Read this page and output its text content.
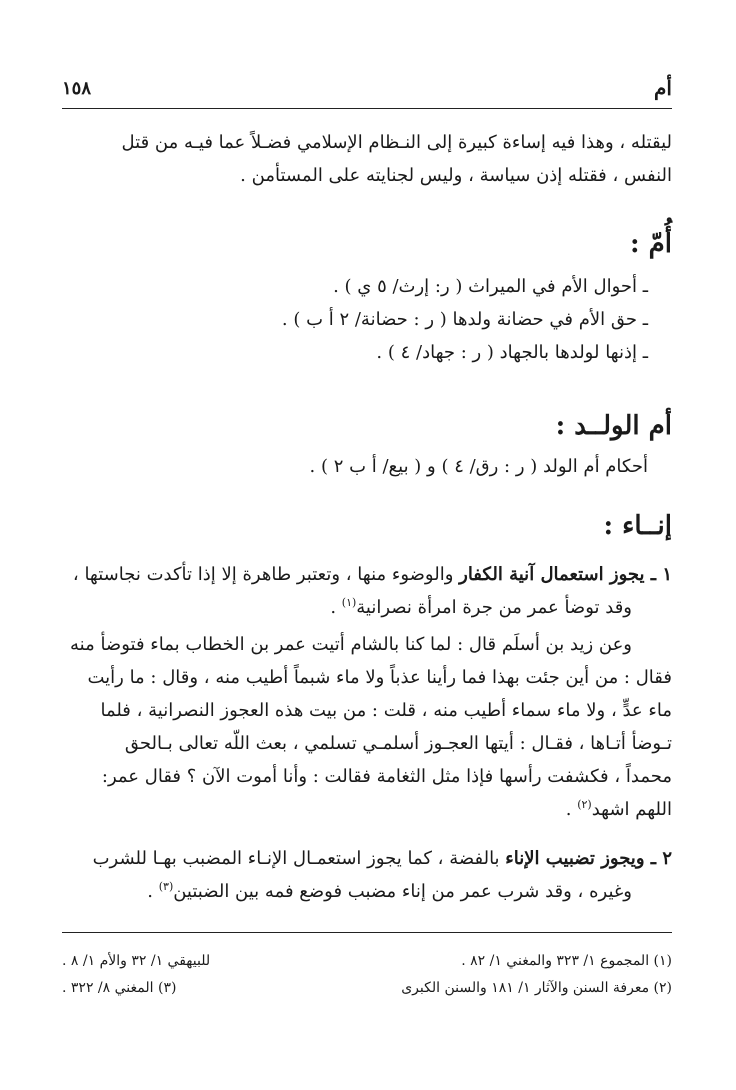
أم
١٥٨

ليقتله ، وهذا فيه إساءة كبيرة إلى النـظام الإسلامي فضـلاً عما فيـه من قتل

النفس ، فقتله إذن سياسة ، وليس لجنايته على المستأمن .

أُمّ :

ـ أحوال الأم في الميراث ( ر: إرث/ ٥ ي ) .

ـ حق الأم في حضانة ولدها ( ر : حضانة/ ٢ أ ب ) .

ـ إذنها لولدها بالجهاد ( ر : جهاد/ ٤ ) .

أم الولــد :

أحكام أم الولد ( ر : رق/ ٤ ) و ( بيع/ أ ب ٢ ) .

إنــاء :

١ ـ يجوز استعمال آنية الكفار والوضوء منها ، وتعتبر طاهرة إلا إذا تأكدت نجاستها ،

وقد توضأ عمر من جرة امرأة نصرانية$^{(١)}$ .

وعن زيد بن أسلَم قال : لما كنا بالشام أتيت عمر بن الخطاب بماء فتوضأ منه

فقال : من أين جئت بهذا فما رأينا عذباً ولا ماء شبماً أطيب منه ، وقال : ما رأيت

ماء عدٍّ ، ولا ماء سماء أطيب منه ، قلت : من بيت هذه العجوز النصرانية ، فلما

تـوضأ أتـاها ، فقـال : أيتها العجـوز أسلمـي تسلمي ، بعث اللّه تعالى بـالحق

محمداً ، فكشفت رأسها فإذا مثل الثغامة فقالت : وأنا أموت الآن ؟ فقال عمر:

اللهم اشهد$^{(٢)}$ .

٢ ـ ويجوز تضبيب الإناء بالفضة ، كما يجوز استعمـال الإنـاء المضبب بهـا للشرب

وغيره ، وقد شرب عمر من إناء مضبب فوضع فمه بين الضبتين$^{(٣)}$ .

(١) المجموع ١/ ٣٢٣ والمغني ١/ ٨٢ .
للبيهقي ١/ ٣٢ والأم ١/ ٨ .
(٢) معرفة السنن والآثار ١/ ١٨١ والسنن الكبرى
(٣) المغني ٨/ ٣٢٢ .
